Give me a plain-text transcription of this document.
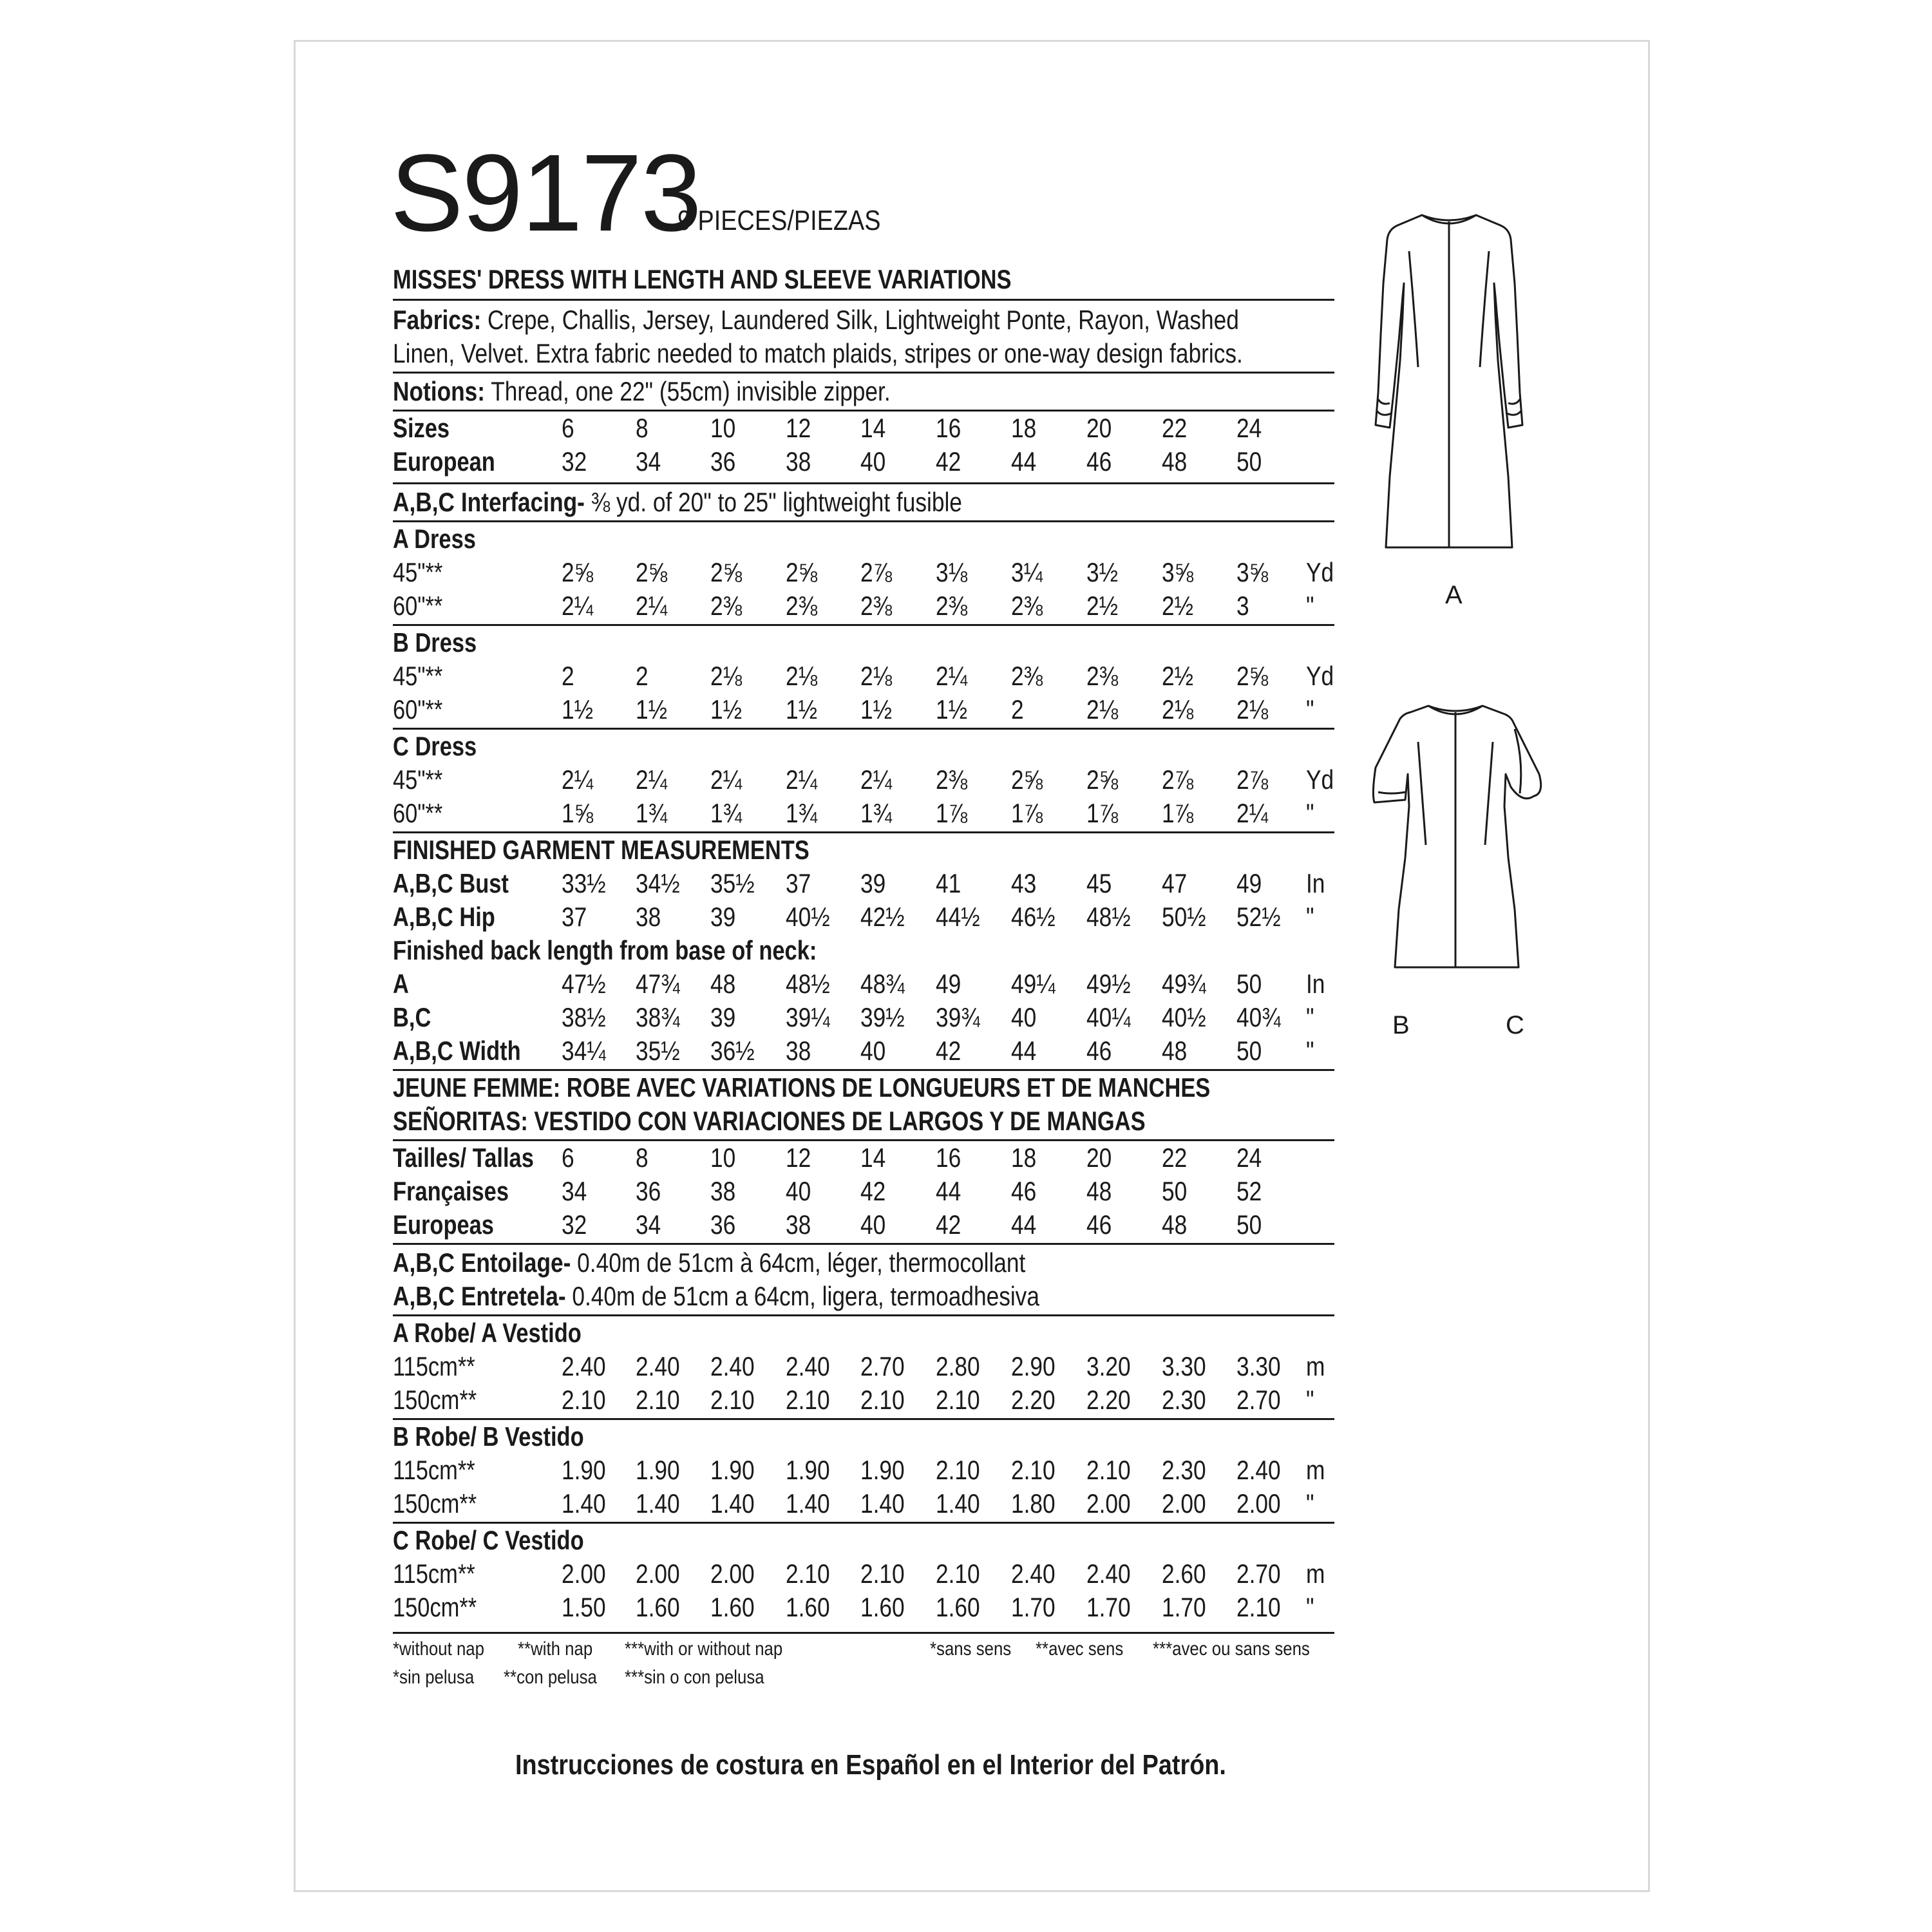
S9173
9 PIECES/PIEZAS
MISSES' DRESS WITH LENGTH AND SLEEVE VARIATIONS
Fabrics: Crepe, Challis, Jersey, Laundered Silk, Lightweight Ponte, Rayon, Washed
Linen, Velvet. Extra fabric needed to match plaids, stripes or one-way design fabrics.
Notions: Thread, one 22" (55cm) invisible zipper.
Sizes	6 8 10 12 14 16 18 20 22 24
European 32 34 36 38 40 42 44 46 48 50
A,B,C Interfacing- ⅜ yd. of 20" to 25" lightweight fusible
A Dress
45"**	2⅝ 2⅝ 2⅝ 2⅝ 2⅞ 3⅛ 3¼ 3½ 3⅝ 3⅝ Yd
60"**	2¼ 2¼ 2⅜ 2⅜ 2⅜ 2⅜ 2⅜ 2½ 2½ 3 "
B Dress
45"**	2 2 2⅛ 2⅛ 2⅛ 2¼ 2⅜ 2⅜ 2½ 2⅝ Yd
60"**	1½ 1½ 1½ 1½ 1½ 1½ 2 2⅛ 2⅛ 2⅛ "
C Dress
45"**	2¼ 2¼ 2¼ 2¼ 2¼ 2⅜ 2⅝ 2⅝ 2⅞ 2⅞ Yd
60"**	1⅝ 1¾ 1¾ 1¾ 1¾ 1⅞ 1⅞ 1⅞ 1⅞ 2¼ "
FINISHED GARMENT MEASUREMENTS
A,B,C Bust 33½ 34½ 35½ 37 39 41 43 45 47 49 In
A,B,C Hip 37 38 39 40½ 42½ 44½ 46½ 48½ 50½ 52½ "
Finished back length from base of neck:
A	47½ 47¾ 48 48½ 48¾ 49 49¼ 49½ 49¾ 50 In
B,C	38½ 38¾ 39 39¼ 39½ 39¾ 40 40¼ 40½ 40¾ "
A,B,C Width 34¼ 35½ 36½ 38 40 42 44 46 48 50 "
JEUNE FEMME: ROBE AVEC VARIATIONS DE LONGUEURS ET DE MANCHES
SEÑORITAS: VESTIDO CON VARIACIONES DE LARGOS Y DE MANGAS
Tailles/ Tallas 6 8 10 12 14 16 18 20 22 24
Françaises 34 36 38 40 42 44 46 48 50 52
Europeas	32 34 36 38 40 42 44 46 48 50
A,B,C Entoilage- 0.40m de 51cm à 64cm, léger, thermocollant
A,B,C Entretela- 0.40m de 51cm a 64cm, ligera, termoadhesiva
A Robe/ A Vestido
115cm**	2.40 2.40 2.40 2.40 2.70 2.80 2.90 3.20 3.30 3.30 m
150cm**	2.10 2.10 2.10 2.10 2.10 2.10 2.20 2.20 2.30 2.70 "
B Robe/ B Vestido
115cm**	1.90 1.90 1.90 1.90 1.90 2.10 2.10 2.10 2.30 2.40 m
150cm**	1.40 1.40 1.40 1.40 1.40 1.40 1.80 2.00 2.00 2.00 "
C Robe/ C Vestido
115cm**	2.00 2.00 2.00 2.10 2.10 2.10 2.40 2.40 2.60 2.70 m
150cm**	1.50 1.60 1.60 1.60 1.60 1.60 1.70 1.70 1.70 2.10 "
*without nap **with nap ***with or without nap	*sans sens **avec sens ***avec ou sans sens
*sin pelusa **con pelusa ***sin o con pelusa
Instrucciones de costura en Español en el Interior del Patrón.
A
B	C
